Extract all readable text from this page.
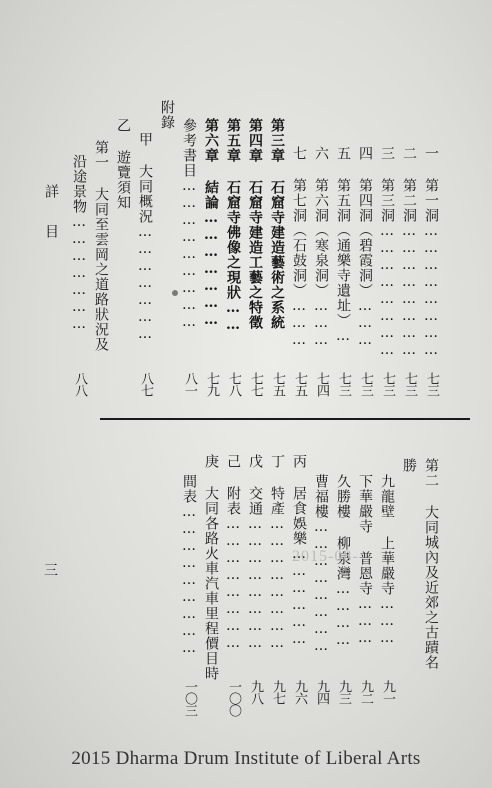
詳目	一 第一洞……………………
七三
二 第二洞……………………
七三
三 第三洞……………………
七三
四 第四洞（碧霞洞）………
七三
五 第五洞（通樂寺遺址）…
七三
六 第六洞（寒泉洞）………
七四
七 第七洞（石鼓洞）………
七五
第三章 石窟寺建造藝術之系統
七五
第四章 石窟寺建造工藝之特徵
七七
第五章 石窟寺佛像之現狀……
七八
第六章 結論…………………
七九
參考書目………………………
八一
附錄
甲 大同概況…………………
八七
乙 遊覽須知
第一 大同至雲岡之道路狀況及
沿途景物…………………
八八
第二 大同城內及近郊之古蹟名
勝
九龍壁 上華嚴寺………
九一
下華嚴寺 普恩寺………
九二
久勝樓 柳泉灣…………
九三
曹福樓……………………
九四
丙 居食娛樂………………
九六
丁 特產……………………
九七
戊 交通……………………
九八
己 附表……………………
一〇〇
庚 大同各路火車汽車里程價目時
間表………………………
一〇三
三
2015-08-
2015 Dharma Drum Institute of Liberal Arts
